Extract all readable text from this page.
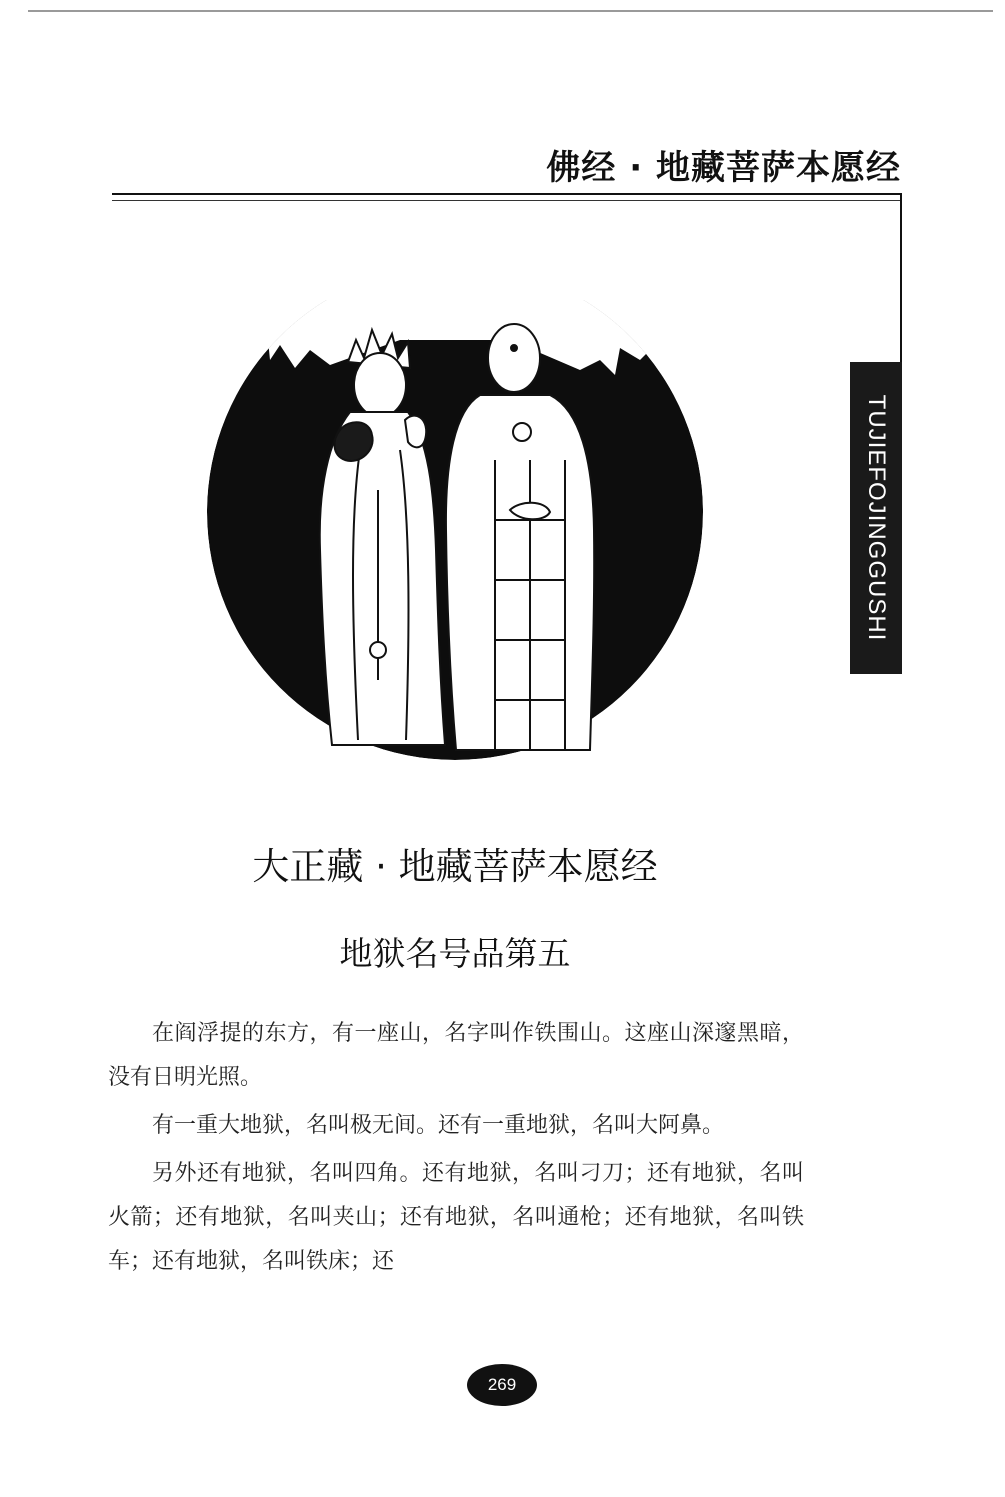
佛经 · 地藏菩萨本愿经
TUJIEFOJINGGUSHI
大正藏 · 地藏菩萨本愿经
地狱名号品第五

在阎浮提的东方，有一座山，名字叫作铁围山。这座山深邃黑暗，没有日明光照。

有一重大地狱，名叫极无间。还有一重地狱，名叫大阿鼻。

另外还有地狱，名叫四角。还有地狱，名叫刁刀；还有地狱，名叫火箭；还有地狱，名叫夹山；还有地狱，名叫通枪；还有地狱，名叫铁车；还有地狱，名叫铁床；还

269
